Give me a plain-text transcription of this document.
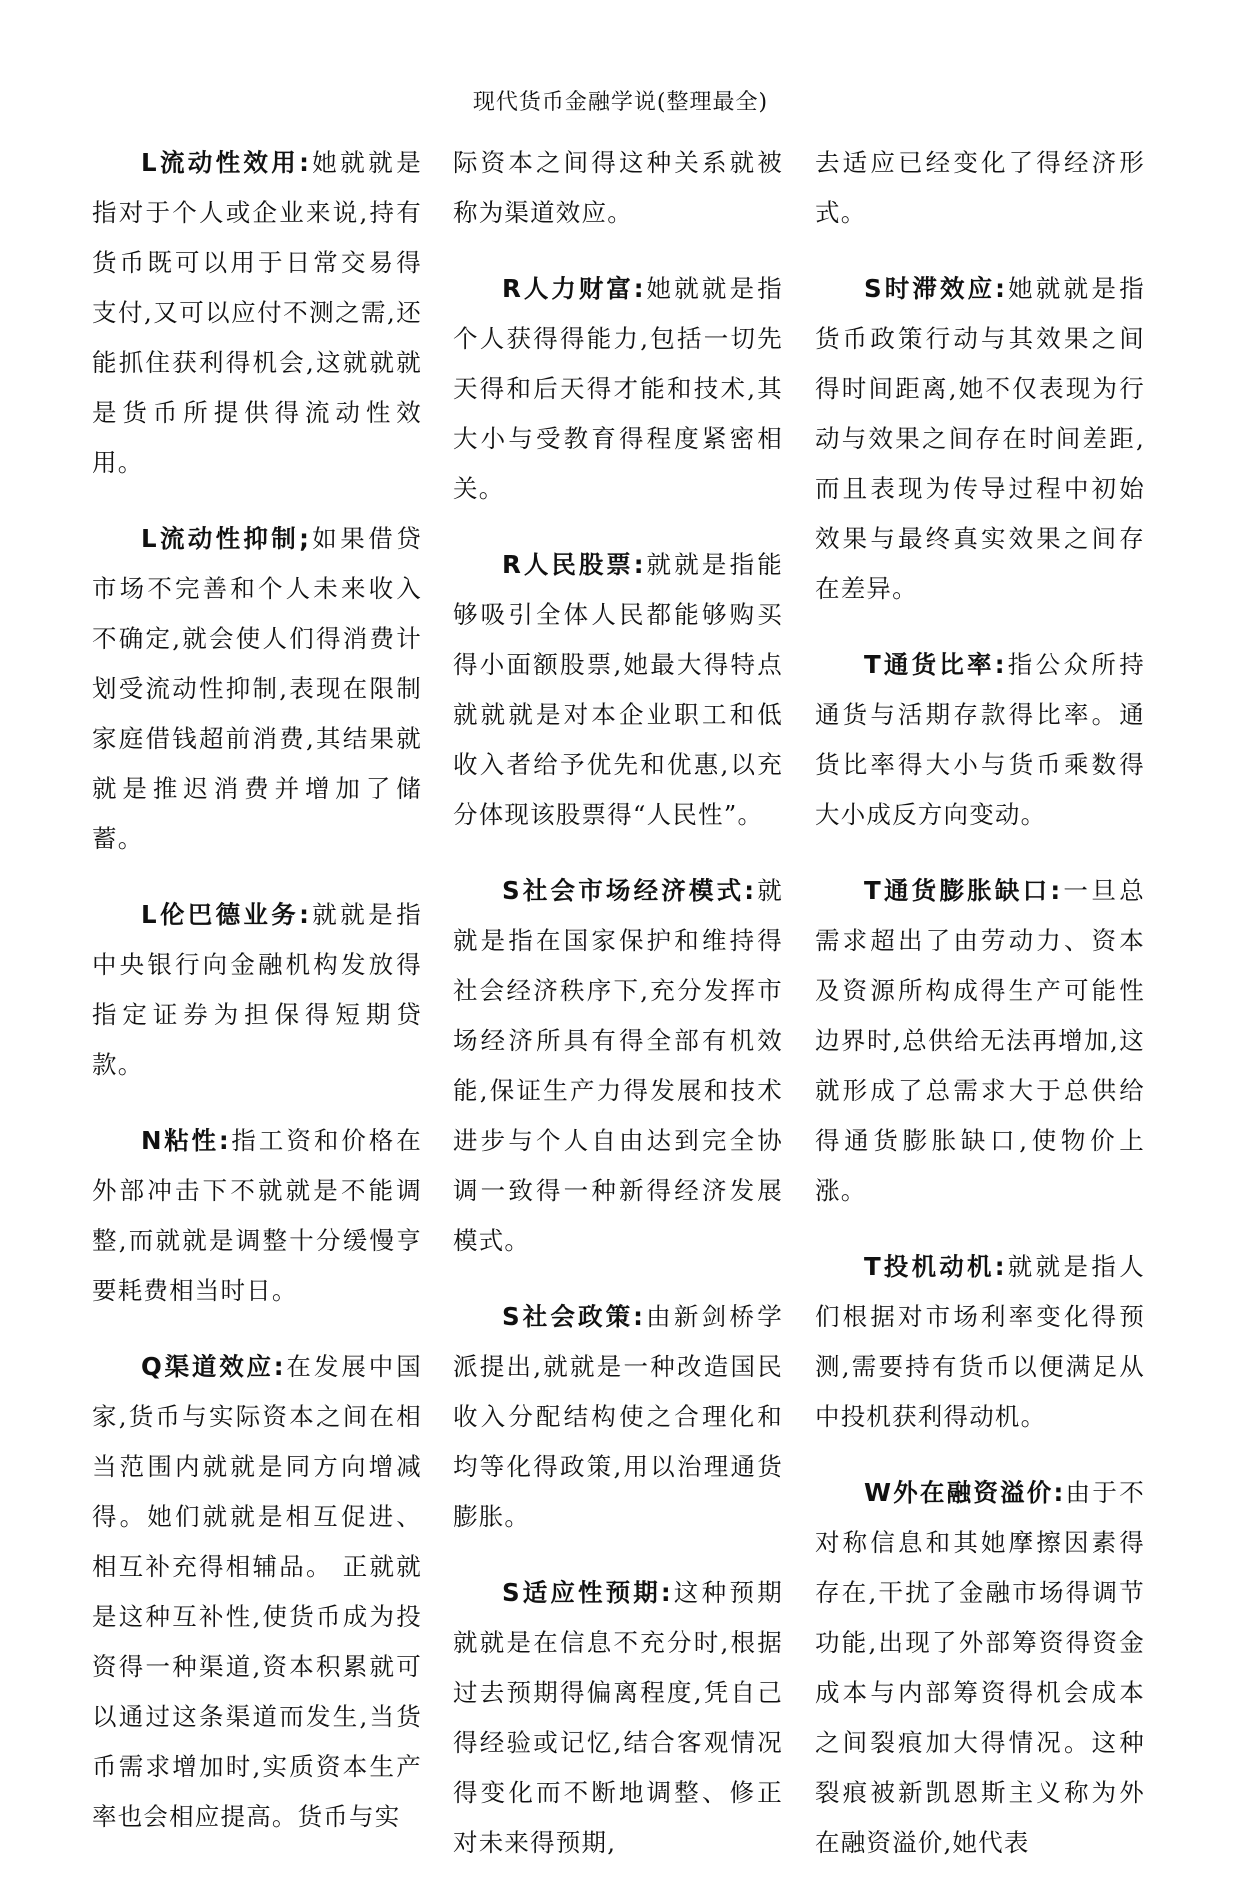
现代货币金融学说(整理最全)

L流动性效用:她就就是指对于个人或企业来说,持有货币既可以用于日常交易得支付,又可以应付不测之需,还能抓住获利得机会,这就就就是货币所提供得流动性效用。

L流动性抑制;如果借贷市场不完善和个人未来收入不确定,就会使人们得消费计划受流动性抑制,表现在限制家庭借钱超前消费,其结果就就是推迟消费并增加了储蓄。

L伦巴德业务:就就是指中央银行向金融机构发放得指定证券为担保得短期贷款。

N粘性:指工资和价格在外部冲击下不就就是不能调整,而就就是调整十分缓慢亨要耗费相当时日。

Q渠道效应:在发展中国家,货币与实际资本之间在相当范围内就就是同方向增减得。她们就就是相互促进、相互补充得相辅品。 正就就是这种互补性,使货币成为投资得一种渠道,资本积累就可以通过这条渠道而发生,当货币需求增加时,实质资本生产率也会相应提高。货币与实

际资本之间得这种关系就被称为渠道效应。

R人力财富:她就就是指个人获得得能力,包括一切先天得和后天得才能和技术,其大小与受教育得程度紧密相关。

R人民股票:就就是指能够吸引全体人民都能够购买得小面额股票,她最大得特点就就就是对本企业职工和低收入者给予优先和优惠,以充分体现该股票得“人民性”。

S社会市场经济模式:就就是指在国家保护和维持得社会经济秩序下,充分发挥市场经济所具有得全部有机效能,保证生产力得发展和技术进步与个人自由达到完全协调一致得一种新得经济发展模式。

S社会政策:由新剑桥学派提出,就就是一种改造国民收入分配结构使之合理化和均等化得政策,用以治理通货膨胀。

S适应性预期:这种预期就就是在信息不充分时,根据过去预期得偏离程度,凭自己得经验或记忆,结合客观情况得变化而不断地调整、修正对未来得预期,

去适应已经变化了得经济形式。

S时滞效应:她就就是指货币政策行动与其效果之间得时间距离,她不仅表现为行动与效果之间存在时间差距,而且表现为传导过程中初始效果与最终真实效果之间存在差异。

T通货比率:指公众所持通货与活期存款得比率。通货比率得大小与货币乘数得大小成反方向变动。

T通货膨胀缺口:一旦总需求超出了由劳动力、资本及资源所构成得生产可能性边界时,总供给无法再增加,这就形成了总需求大于总供给得通货膨胀缺口,使物价上涨。

T投机动机:就就是指人们根据对市场利率变化得预测,需要持有货币以便满足从中投机获利得动机。

W外在融资溢价:由于不对称信息和其她摩擦因素得存在,干扰了金融市场得调节功能,出现了外部筹资得资金成本与内部筹资得机会成本之间裂痕加大得情况。这种裂痕被新凯恩斯主义称为外在融资溢价,她代表
